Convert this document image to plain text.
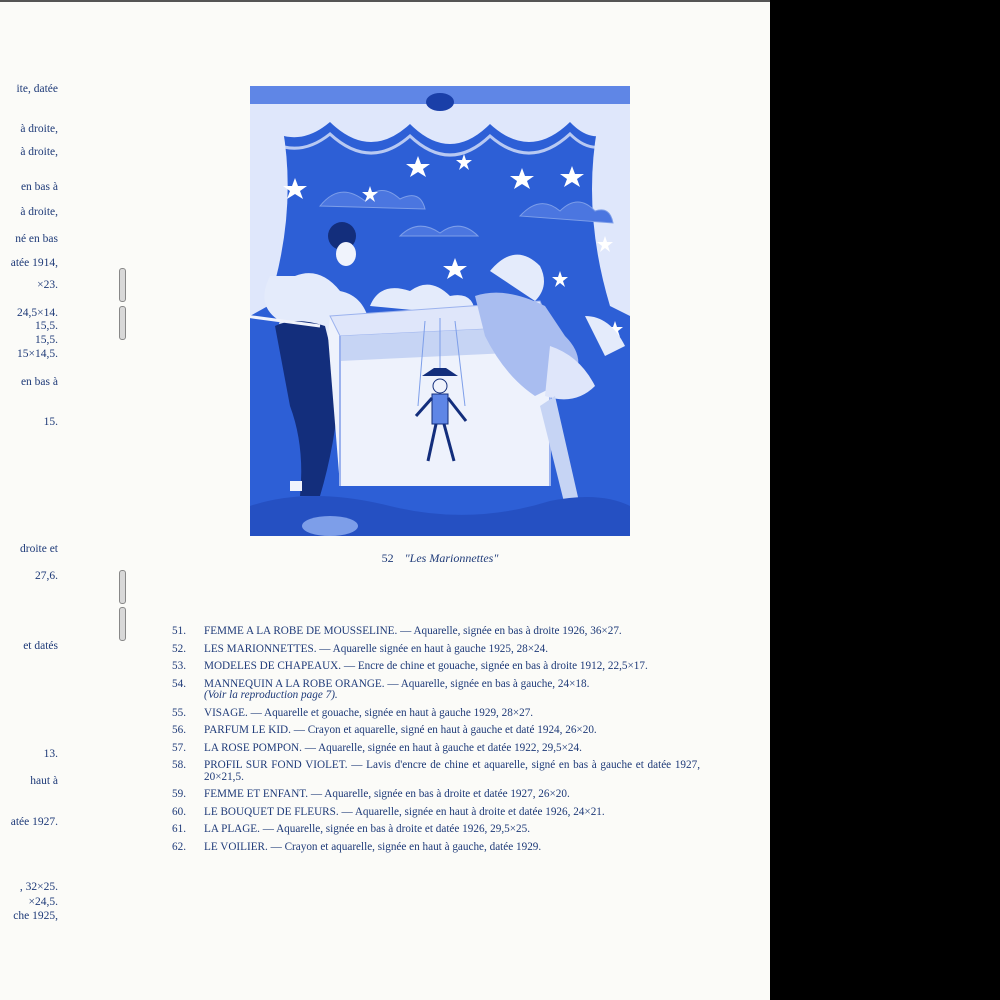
ite, datée
à droite,
à droite,
en bas à
à droite,
né en bas
atée 1914,
×23.
24,5×14.
15,5.
15,5.
15×14,5.
en bas à
15.
droite et
27,6.
et datés
13.
haut à
atée 1927.
, 32×25.
×24,5.
che 1925,
52 "Les Marionnettes"
51.	FEMME A LA ROBE DE MOUSSELINE. — Aquarelle, signée en bas à droite 1926, 36×27.
52.	LES MARIONNETTES. — Aquarelle signée en haut à gauche 1925, 28×24.
53.	MODELES DE CHAPEAUX. — Encre de chine et gouache, signée en bas à droite 1912, 22,5×17.
54.	MANNEQUIN A LA ROBE ORANGE. — Aquarelle, signée en bas à gauche, 24×18.
(Voir la reproduction page 7).
55.	VISAGE. — Aquarelle et gouache, signée en haut à gauche 1929, 28×27.
56.	PARFUM LE KID. — Crayon et aquarelle, signé en haut à gauche et daté 1924, 26×20.
57.	LA ROSE POMPON. — Aquarelle, signée en haut à gauche et datée 1922, 29,5×24.
58.	PROFIL SUR FOND VIOLET. — Lavis d'encre de chine et aquarelle, signé en bas à gauche et datée 1927, 20×21,5.
59.	FEMME ET ENFANT. — Aquarelle, signée en bas à droite et datée 1927, 26×20.
60.	LE BOUQUET DE FLEURS. — Aquarelle, signée en haut à droite et datée 1926, 24×21.
61.	LA PLAGE. — Aquarelle, signée en bas à droite et datée 1926, 29,5×25.
62.	LE VOILIER. — Crayon et aquarelle, signée en haut à gauche, datée 1929.
